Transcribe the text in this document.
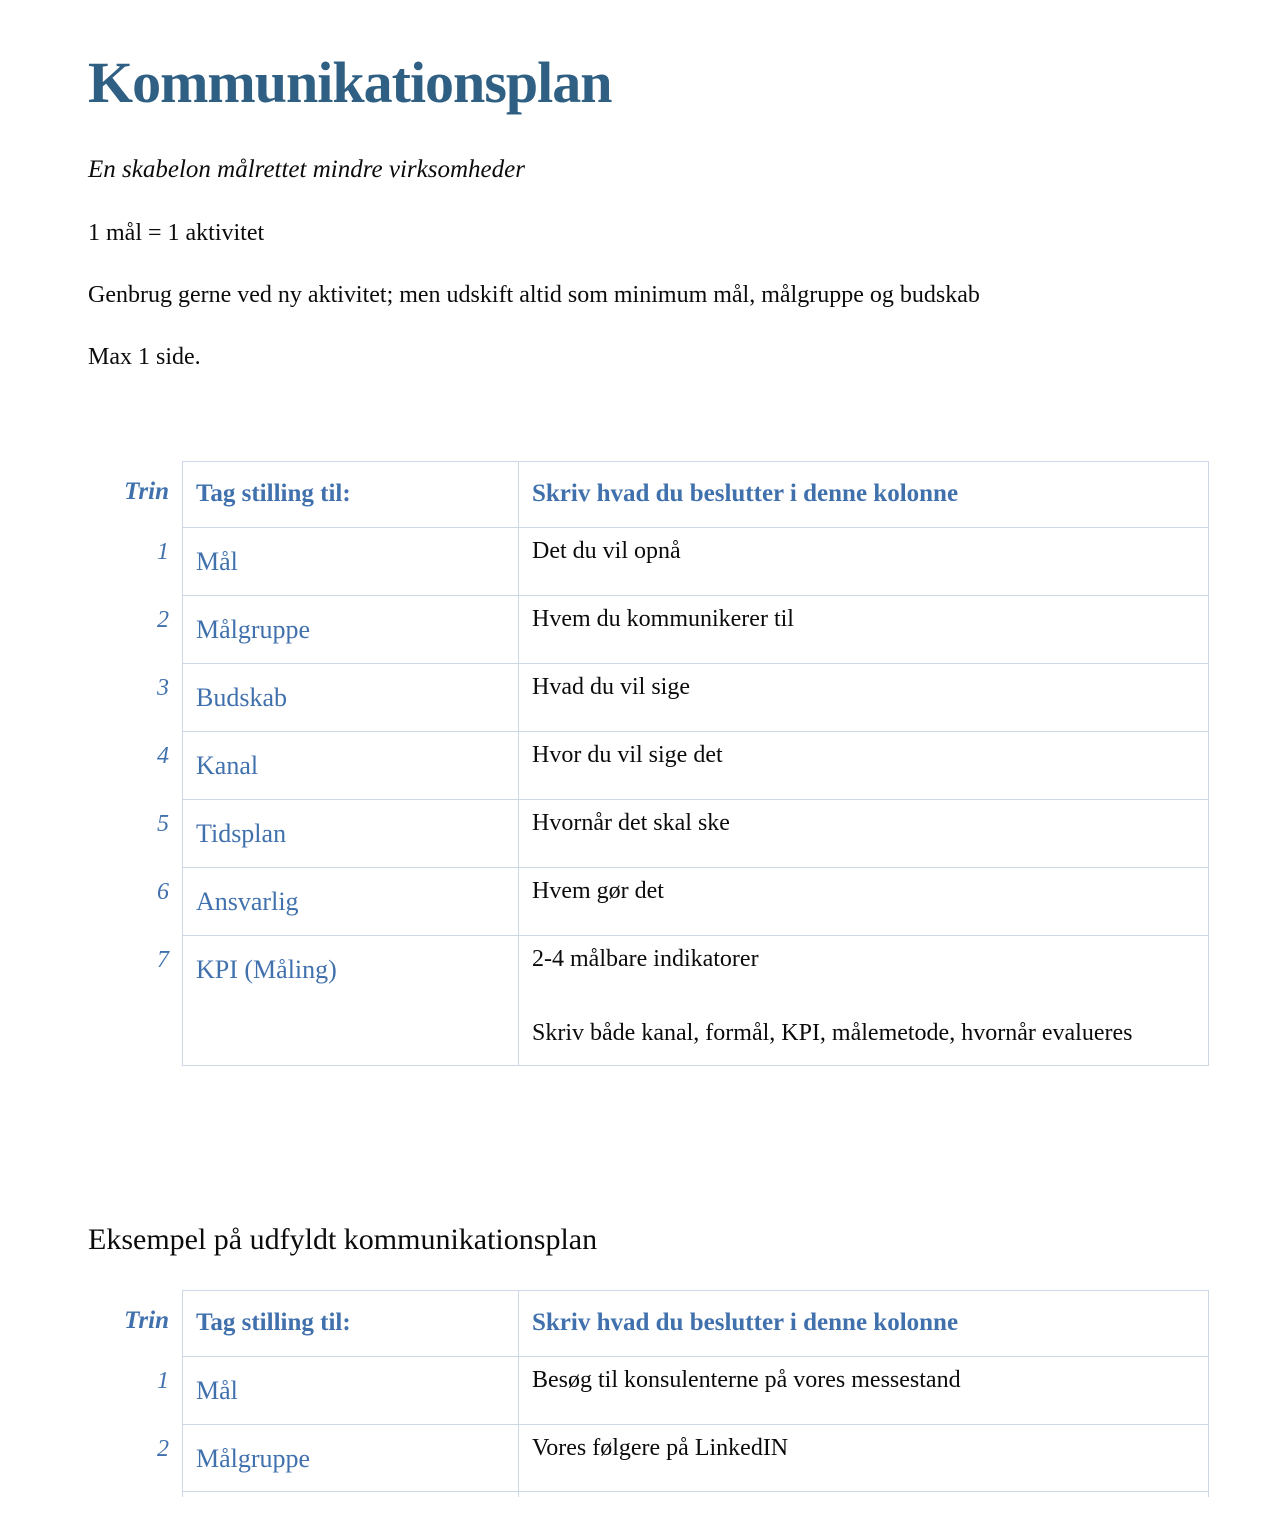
Kommunikationsplan

En skabelon målrettet mindre virksomheder

1 mål = 1 aktivitet

Genbrug gerne ved ny aktivitet; men udskift altid som minimum mål, målgruppe og budskab

Max 1 side.

Trin	Tag stilling til:	Skriv hvad du beslutter i denne kolonne
1	Mål	Det du vil opnå

2	Målgruppe	Hvem du kommunikerer til

3	Budskab	Hvad du vil sige

4	Kanal	Hvor du vil sige det

5	Tidsplan	Hvornår det skal ske

6	Ansvarlig	Hvem gør det

7	KPI (Måling)	2-4 målbare indikatorer

Skriv både kanal, formål, KPI, målemetode, hvornår evalueres

Eksempel på udfyldt kommunikationsplan
Trin	Tag stilling til:	Skriv hvad du beslutter i denne kolonne
1	Mål	Besøg til konsulenterne på vores messestand

2	Målgruppe	Vores følgere på LinkedIN
